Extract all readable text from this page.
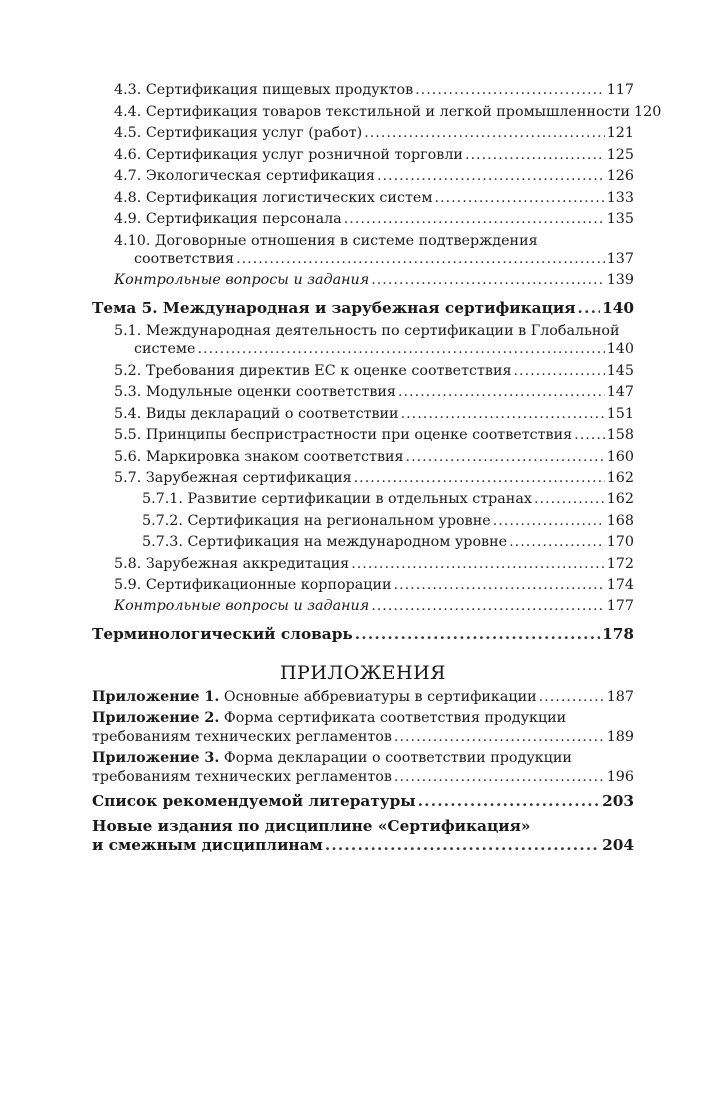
4.3. Сертификация пищевых продуктов .....	117
4.4. Сертификация товаров текстильной и легкой промышленности 120
4.5. Сертификация услуг (работ) .....	121
4.6. Сертификация услуг розничной торговли .....	125
4.7. Экологическая сертификация .....	126
4.8. Сертификация логистических систем .....	133
4.9. Сертификация персонала .....	135
4.10. Договорные отношения в системе подтверждения
соответствия .....	137
Контрольные вопросы и задания .....	139
Тема 5. Международная и зарубежная сертификация ..... 140
5.1. Международная деятельность по сертификации в Глобальной
системе .....	140
5.2. Требования директив ЕС к оценке соответствия .....	145
5.3. Модульные оценки соответствия .....	147
5.4. Виды деклараций о соответствии .....	151
5.5. Принципы беспристрастности при оценке соответствия ..... 158
5.6. Маркировка знаком соответствия .....	160
5.7. Зарубежная сертификация .....	162
5.7.1. Развитие сертификации в отдельных странах .....	162
5.7.2. Сертификация на региональном уровне .....	168
5.7.3. Сертификация на международном уровне .....	170
5.8. Зарубежная аккредитация .....	172
5.9. Сертификационные корпорации .....	174
Контрольные вопросы и задания .....	177
Терминологический словарь .....	178
ПРИЛОЖЕНИЯ
Приложение 1. Основные аббревиатуры в сертификации .....	187
Приложение 2. Форма сертификата соответствия продукции
требованиям технических регламентов .....	189
Приложение 3. Форма декларации о соответствии продукции
требованиям технических регламентов .....	196
Список рекомендуемой литературы .....	203
Новые издания по дисциплине «Сертификация»
и смежным дисциплинам .....	204
